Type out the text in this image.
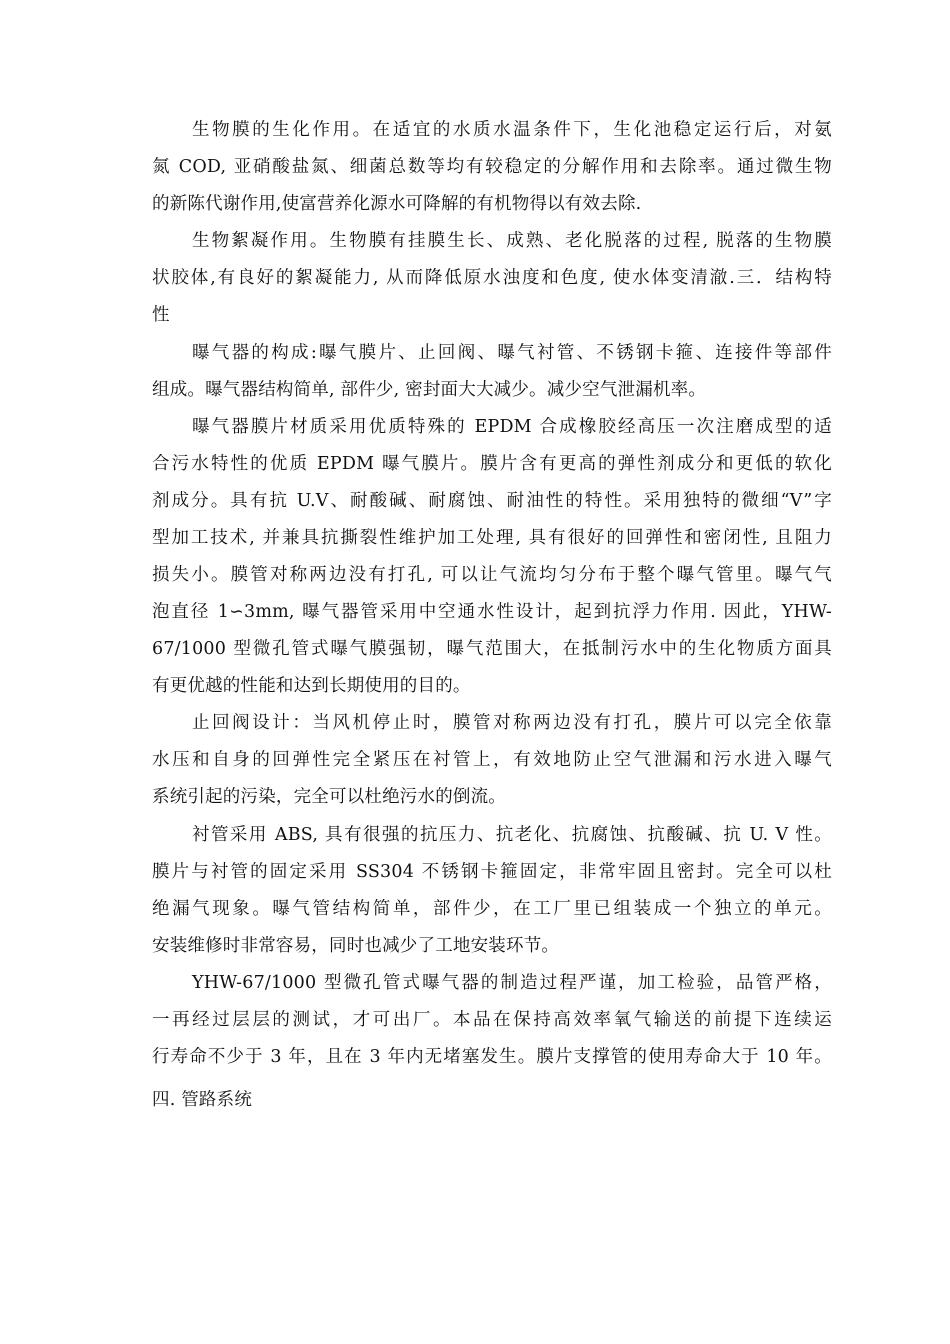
生物膜的生化作用。在适宜的水质水温条件下，生化池稳定运行后，对氨
氮 COD, 亚硝酸盐氮、细菌总数等均有较稳定的分解作用和去除率。通过微生物
的新陈代谢作用,使富营养化源水可降解的有机物得以有效去除.
生物絮凝作用。生物膜有挂膜生长、成熟、老化脱落的过程, 脱落的生物膜
状胶体,有良好的絮凝能力, 从而降低原水浊度和色度, 使水体变清澈.三．结构特
性
曝气器的构成:曝气膜片、止回阀、曝气衬管、不锈钢卡箍、连接件等部件
组成。曝气器结构简单, 部件少, 密封面大大减少。减少空气泄漏机率。
曝气器膜片材质采用优质特殊的 EPDM 合成橡胶经高压一次注磨成型的适
合污水特性的优质 EPDM 曝气膜片。膜片含有更高的弹性剂成分和更低的软化
剂成分。具有抗 U.V、耐酸碱、耐腐蚀、耐油性的特性。采用独特的微细“V”字
型加工技术, 并兼具抗撕裂性维护加工处理, 具有很好的回弹性和密闭性, 且阻力
损失小。膜管对称两边没有打孔, 可以让气流均匀分布于整个曝气管里。曝气气
泡直径 1∽3mm, 曝气器管采用中空通水性设计，起到抗浮力作用. 因此，YHW-
67/1000 型微孔管式曝气膜强韧，曝气范围大，在抵制污水中的生化物质方面具
有更优越的性能和达到长期使用的目的。
止回阀设计：当风机停止时，膜管对称两边没有打孔，膜片可以完全依靠
水压和自身的回弹性完全紧压在衬管上，有效地防止空气泄漏和污水进入曝气
系统引起的污染，完全可以杜绝污水的倒流。
衬管采用 ABS, 具有很强的抗压力、抗老化、抗腐蚀、抗酸碱、抗 U. V 性。
膜片与衬管的固定采用 SS304 不锈钢卡箍固定，非常牢固且密封。完全可以杜
绝漏气现象。曝气管结构简单，部件少，在工厂里已组装成一个独立的单元。
安装维修时非常容易，同时也减少了工地安装环节。
YHW-67/1000 型微孔管式曝气器的制造过程严谨，加工检验，品管严格，
一再经过层层的测试，才可出厂。本品在保持高效率氧气输送的前提下连续运
行寿命不少于 3 年，且在 3 年内无堵塞发生。膜片支撑管的使用寿命大于 10 年。
四. 管路系统
